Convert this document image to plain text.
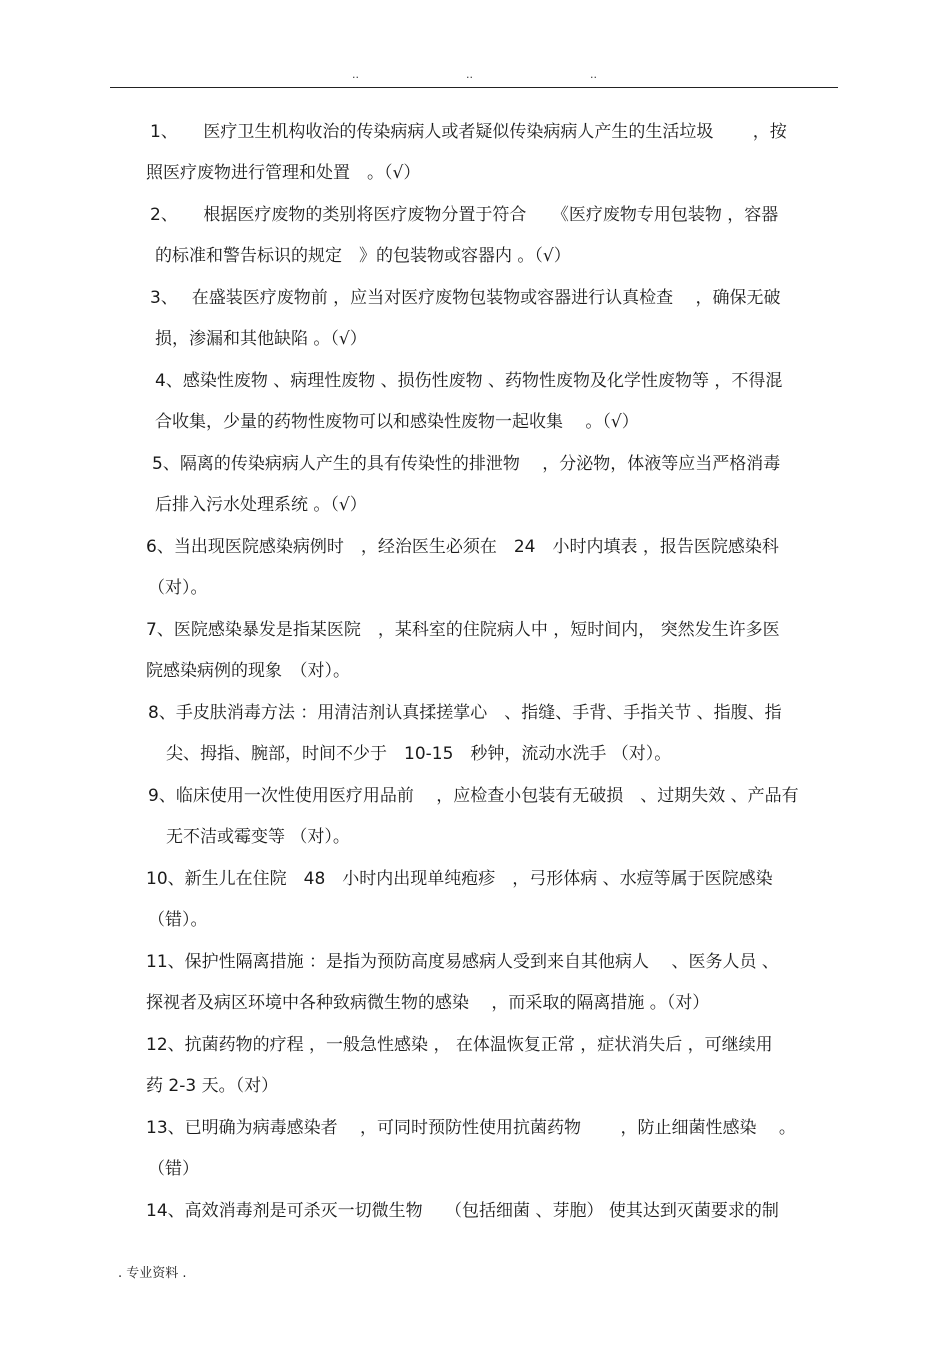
..	..	..
1、　　医疗卫生机构收治的传染病病人或者疑似传染病病人产生的生活垃圾　　 ，按
照医疗废物进行管理和处置　。（√）
2、　　根据医疗废物的类别将医疗废物分置于符合　　《医疗废物专用包装物 ，容器
的标准和警告标识的规定　》的包装物或容器内 。（√）
3、　 在盛装医疗废物前 ，应当对医疗废物包装物或容器进行认真检查　 ，确保无破
损，渗漏和其他缺陷 。（√）
4、感染性废物 、病理性废物 、损伤性废物 、药物性废物及化学性废物等 ，不得混
合收集，少量的药物性废物可以和感染性废物一起收集　 。（√）
5、隔离的传染病病人产生的具有传染性的排泄物　 ，分泌物，体液等应当严格消毒
后排入污水处理系统 。（√）
6、当出现医院感染病例时　，经治医生必须在　24　小时内填表 ，报告医院感染科
（对）。
7、医院感染暴发是指某医院　，某科室的住院病人中 ，短时间内， 突然发生许多医
院感染病例的现象　（对）。
8、手皮肤消毒方法 ：用清洁剂认真揉搓掌心　、指缝、手背、手指关节 、指腹、指
尖、拇指、腕部，时间不少于　10-15　秒钟，流动水洗手 （对）。
9、临床使用一次性使用医疗用品前　 ，应检查小包装有无破损　、过期失效 、产品有
无不洁或霉变等 （对）。
10、新生儿在住院　48　小时内出现单纯疱疹　，弓形体病 、水痘等属于医院感染
（错）。
11、保护性隔离措施 ：是指为预防高度易感病人受到来自其他病人　 、医务人员 、
探视者及病区环境中各种致病微生物的感染　 ，而采取的隔离措施 。（对）
12、抗菌药物的疗程 ，一般急性感染 ， 在体温恢复正常 ，症状消失后 ，可继续用
药 2-3 天。（对）
13、已明确为病毒感染者　 ，可同时预防性使用抗菌药物　　 ，防止细菌性感染　 。
（错）
14、高效消毒剂是可杀灭一切微生物　 （包括细菌 、芽胞） 使其达到灭菌要求的制
. 专业资料 .
